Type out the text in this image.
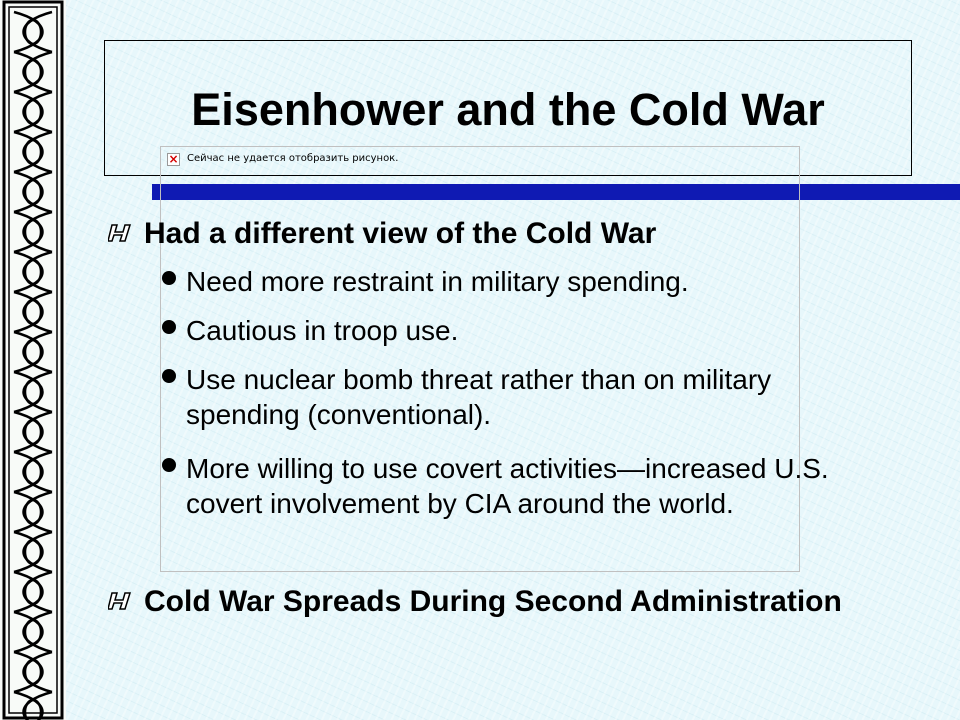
Eisenhower and the Cold War
× Сейчас не удается отобразить рисунок.
Had a different view of the Cold War
Need more restraint in military spending.
Cautious in troop use.
Use nuclear bomb threat rather than on military spending (conventional).
More willing to use covert activities—increased U.S. covert involvement by CIA around the world.
Cold War Spreads During Second Administration
